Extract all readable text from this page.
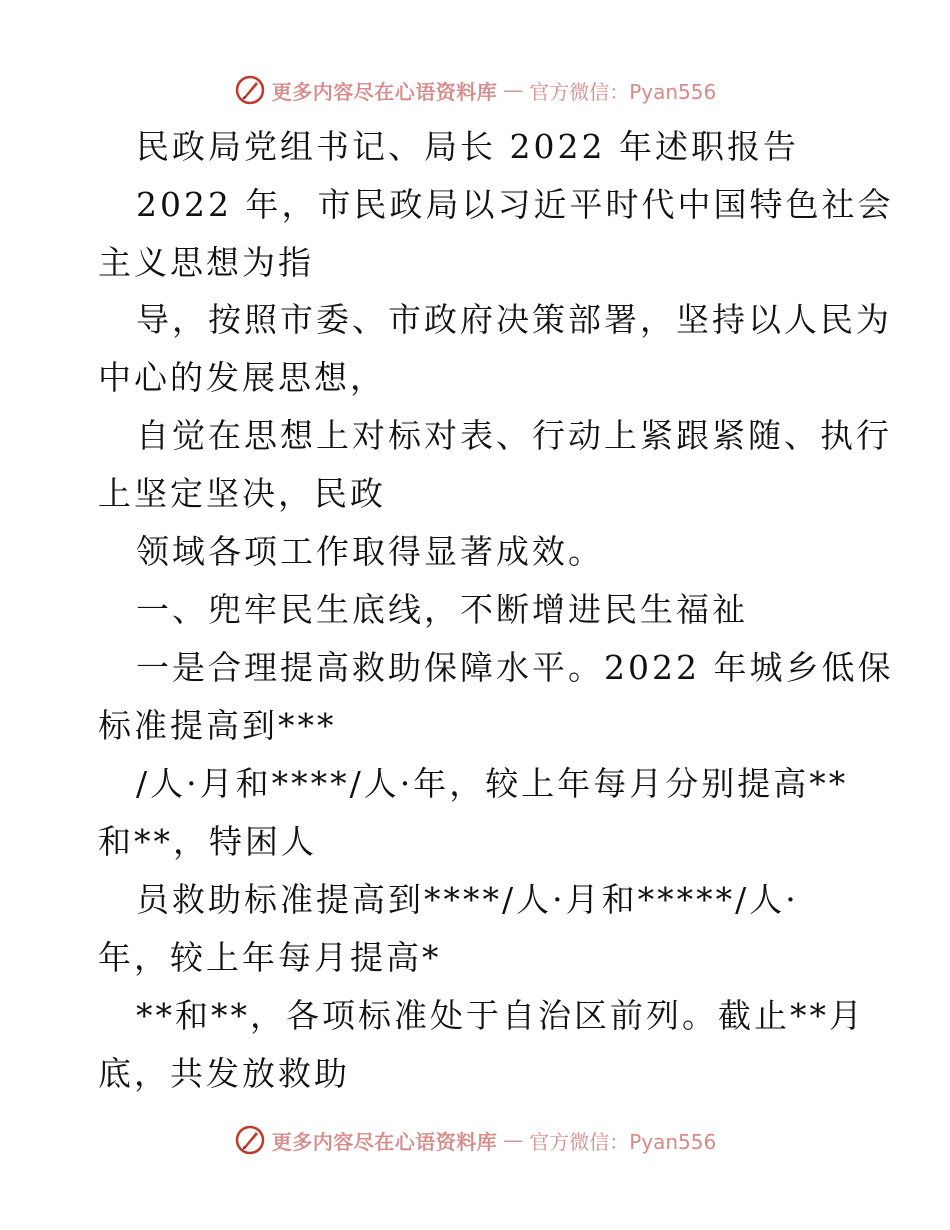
更多内容尽在心语资料库 — 官方微信：Pyan556
民政局党组书记、局长 2022 年述职报告
2022 年，市民政局以习近平时代中国特色社会
主义思想为指
导，按照市委、市政府决策部署，坚持以人民为
中心的发展思想，
自觉在思想上对标对表、行动上紧跟紧随、执行
上坚定坚决，民政
领域各项工作取得显著成效。
一、兜牢民生底线，不断增进民生福祉
一是合理提高救助保障水平。2022 年城乡低保
标准提高到***
/人·月和****/人·年，较上年每月分别提高**
和**，特困人
员救助标准提高到****/人·月和*****/人·
年，较上年每月提高*
**和**，各项标准处于自治区前列。截止**月
底，共发放救助
更多内容尽在心语资料库 — 官方微信：Pyan556
